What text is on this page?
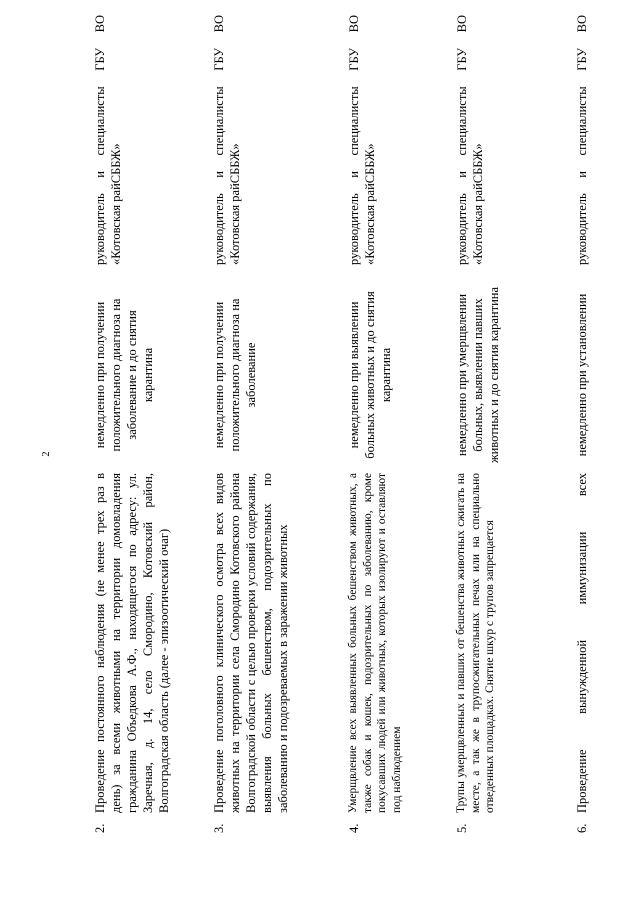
2
2.
Проведение постоянного наблюдения (не менее трех раз в день) за всеми животными на территории домовладения гражданина Объедкова А.Ф., находящегося по адресу: ул. Заречная, д. 14, село Смородино, Котовский район, Волгоградская область (далее - эпизоотический очаг)
немедленно при получении положительного диагноза на заболевание и до снятия карантина
руководитель и специалисты ГБУ ВО «Котовская райСББЖ»
3.
Проведение поголовного клинического осмотра всех видов животных на территории села Смородино Котовского района Волгоградской области с целью проверки условий содержания, выявления больных бешенством, подозрительных по заболеванию и подозреваемых в заражении животных
немедленно при получении положительного диагноза на заболевание
руководитель и специалисты ГБУ ВО «Котовская райСББЖ»
4.
Умерщвление всех выявленных больных бешенством животных, а также собак и кошек, подозрительных по заболеванию, кроме покусавших людей или животных, которых изолируют и оставляют под наблюдением
немедленно при выявлении больных животных и до снятия карантина
руководитель и специалисты ГБУ ВО «Котовская райСББЖ»
5.
Трупы умерщвленных и павших от бешенства животных сжигать на месте, а так же в трупосжигательных печах или на специально отведенных площадках. Снятие шкур с трупов запрещается
немедленно при умерщвлении больных, выявлении павших животных и до снятия карантина
руководитель и специалисты ГБУ ВО «Котовская райСББЖ»
6.
Проведение вынужденной иммунизации всех
немедленно при установлении
руководитель и специалисты ГБУ ВО
